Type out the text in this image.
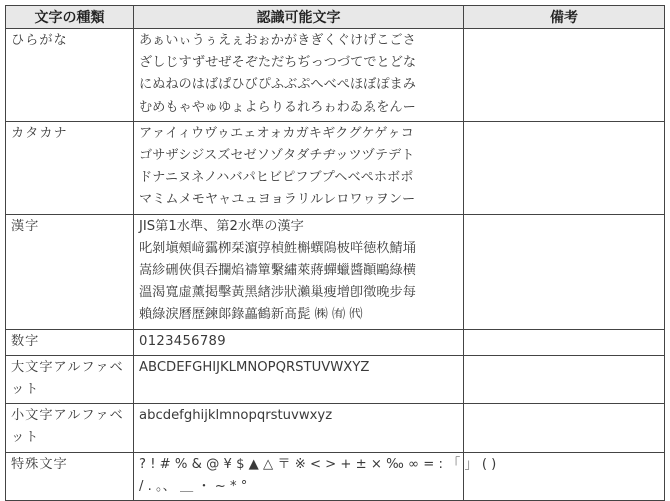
文字の種類	認識可能文字	備考
ひらがな	あぁいぃうぅえぇおぉかがきぎくぐけげこごさ
ざしじすずせぜそぞただちぢっつづてでとどな
にぬねのはばぱひびぴふぶぷへべぺほぼぽまみ
むめもゃやゅゆょよらりるれろゎわゐゑをんー	

カタカナ	アァイィウヴゥエェオォカガキギクグケゲヶコ
ゴサザシジスズセゼソゾタダチヂッツヅテデト
ドナニヌネノハバパヒビピフブプヘベペホボポ
マミムメモヤャユュヨョラリルレロワヮヲンー	

漢字	JIS第1水準、第2水準の漢字
叱剝塡頰﨑靎栁栞濵弴楨鮏槲蟤隝柀咩徳杦鯖埇
嵩紾硎俠俱吞攔焰禱簞繫繡萊蔣蟬蠟醬顚鷗綠横
溫渴寬虛薰掲擊黃黑緖涉狀瀨巢瘦增卽徵晚步每
賴綠淚曆歷鍊郞錄藟鶴新髙髭 ㈱ ㈲ ㈹	

数字	0123456789	

大文字アルファベット	ABCDEFGHIJKLMNOPQRSTUVWXYZ	

小文字アルファベット	abcdefghijklmnopqrstuvwxyz	

特殊文字	? ! # % & @ ¥ $ ▲ △ 〒 ※ < > + ± × ‰ ∞ = : 「 」 ( )
/ . 。、 ＿ ・ ~ * °	
